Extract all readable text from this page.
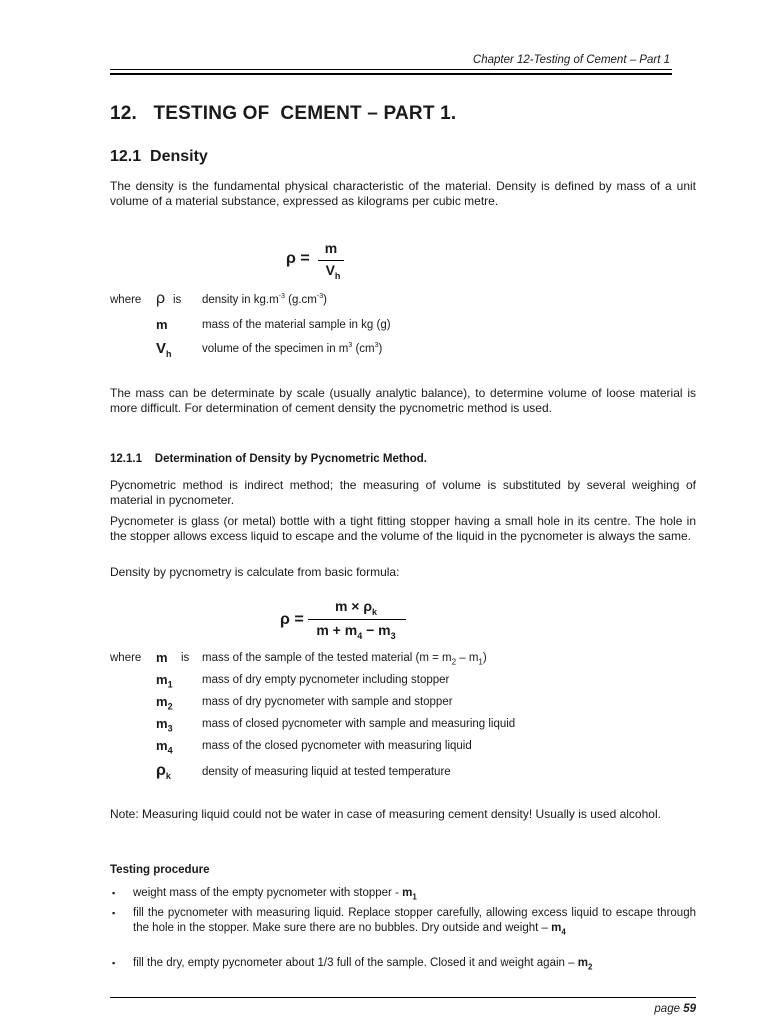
Chapter 12-Testing of Cement – Part 1
12.   TESTING OF  CEMENT – PART 1.
12.1 Density
The density is the fundamental physical characteristic of the material. Density is defined by mass of a unit volume of a material substance, expressed as kilograms per cubic metre.
ρ =
m
$V_h$
where ρ is density in $kg.m^{-3}$ $(g.cm^{-3})$
m	mass of the material sample in kg (g)
$V_h$	volume of the specimen in $m^3$ $(cm^3)$
The mass can be determinate by scale (usually analytic balance), to determine volume of loose material is more difficult. For determination of cement density the pycnometric method is used.
12.1.1 Determination of Density by Pycnometric Method.
Pycnometric method is indirect method; the measuring of volume is substituted by several weighing of material in pycnometer.
Pycnometer is glass (or metal) bottle with a tight fitting stopper having a small hole in its centre. The hole in the stopper allows excess liquid to escape and the volume of the liquid in the pycnometer is always the same.
Density by pycnometry is calculate from basic formula:
ρ =
$m \times \rho_k$
$m + m_4 - m_3$
where m is mass of the sample of the tested material $(m = m_2 - m_1)$
$m_1$	mass of dry empty pycnometer including stopper
$m_2$	mass of dry pycnometer with sample and stopper
$m_3$	mass of closed pycnometer with sample and measuring liquid
$m_4$	mass of the closed pycnometer with measuring liquid
$\rho_k$	density of measuring liquid at tested temperature
Note: Measuring liquid could not be water in case of measuring cement density! Usually is used alcohol.
Testing procedure
▪ weight mass of the empty pycnometer with stopper - $m_1$
▪ fill the pycnometer with measuring liquid. Replace stopper carefully, allowing excess liquid to escape through the hole in the stopper. Make sure there are no bubbles. Dry outside and weight – $m_4$
▪ fill the dry, empty pycnometer about 1/3 full of the sample. Closed it and weight again – $m_2$
page 59
